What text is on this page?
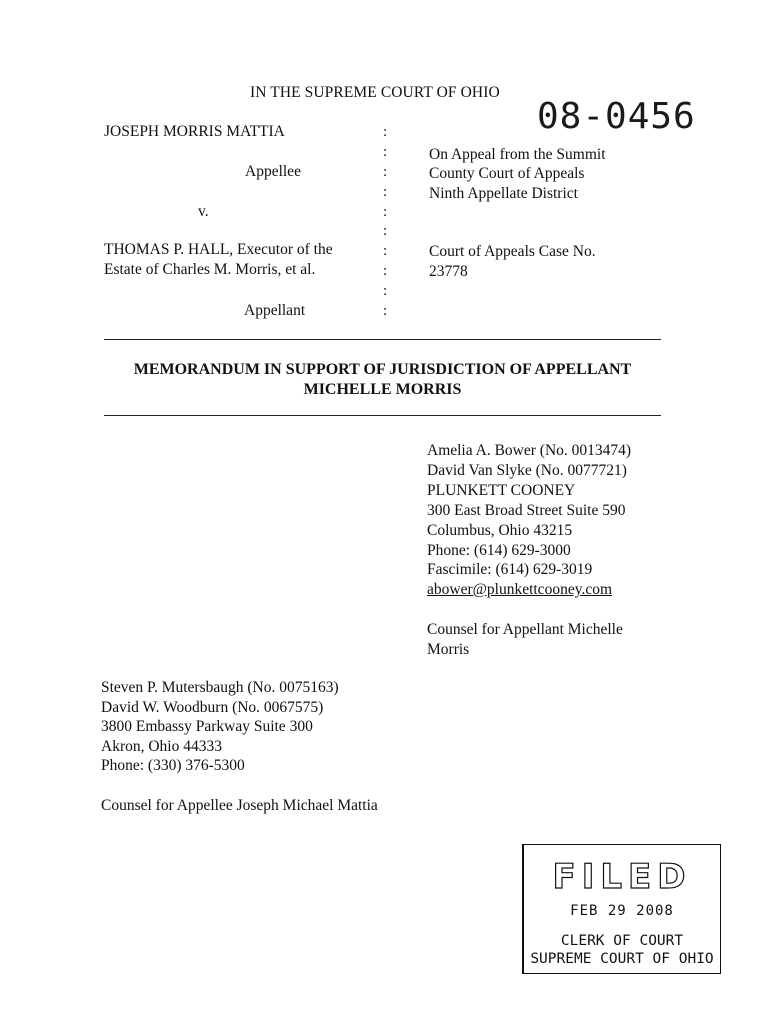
IN THE SUPREME COURT OF OHIO
08-0456
JOSEPH MORRIS MATTIA
Appellee
v.
THOMAS P. HALL, Executor of the
Estate of Charles M. Morris, et al.
Appellant
:
:
:
:
:
:
:
:
:
:
On Appeal from the Summit
County Court of Appeals
Ninth Appellate District
Court of Appeals Case No.
23778
MEMORANDUM IN SUPPORT OF JURISDICTION OF APPELLANT
MICHELLE MORRIS
Amelia A. Bower (No. 0013474)
David Van Slyke (No. 0077721)
PLUNKETT COONEY
300 East Broad Street Suite 590
Columbus, Ohio 43215
Phone: (614) 629-3000
Fascimile: (614) 629-3019
abower@plunkettcooney.com
Counsel for Appellant Michelle
Morris
Steven P. Mutersbaugh (No. 0075163)
David W. Woodburn (No. 0067575)
3800 Embassy Parkway Suite 300
Akron, Ohio 44333
Phone: (330) 376-5300
Counsel for Appellee Joseph Michael Mattia
FILED
FEB 29 2008
CLERK OF COURT
SUPREME COURT OF OHIO
